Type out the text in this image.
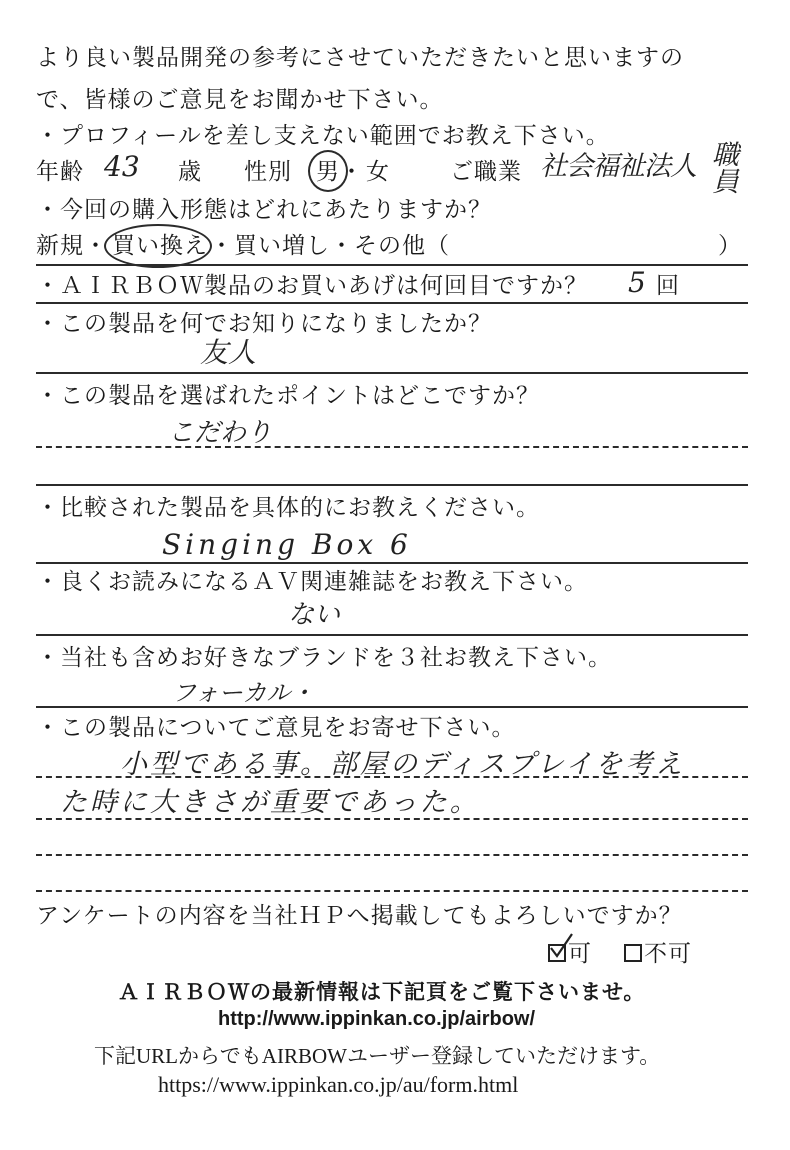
より良い製品開発の参考にさせていただきたいと思いますの
で、皆様のご意見をお聞かせ下さい。
・プロフィールを差し支えない範囲でお教え下さい。
年齢 43 歳 性別 男 ・ 女	ご職業 社会福祉法人 職員
・今回の購入形態はどれにあたりますか？
新規・ 買い換え ・買い増し・その他（	）
・ＡＩＲＢＯＷ製品のお買いあげは何回目ですか？ 5 回
・この製品を何でお知りになりましたか？
友人
・この製品を選ばれたポイントはどこですか？
こだわり
・比較された製品を具体的にお教えください。
Singing Box 6
・良くお読みになるＡＶ関連雑誌をお教え下さい。
ない
・当社も含めお好きなブランドを３社お教え下さい。
フォーカル・
・この製品についてご意見をお寄せ下さい。
小型である事。部屋のディスプレイを考え
た時に大きさが重要であった。
アンケートの内容を当社ＨＰへ掲載してもよろしいですか？
可	不可
ＡＩＲＢＯＷの最新情報は下記頁をご覧下さいませ。
http://www.ippinkan.co.jp/airbow/
下記URLからでもAIRBOWユーザー登録していただけます。
https://www.ippinkan.co.jp/au/form.html
